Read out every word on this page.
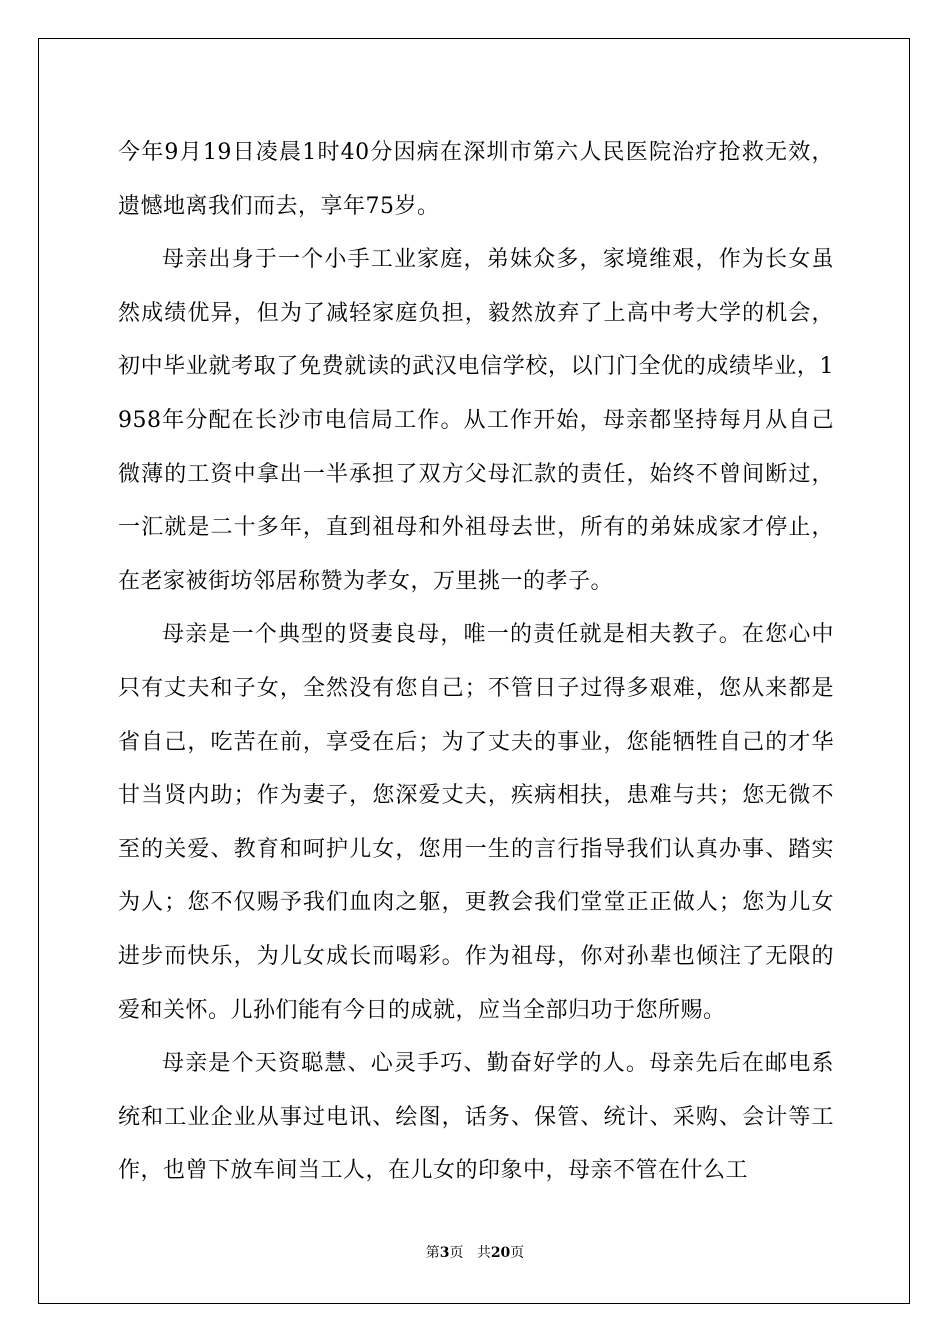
今年9月19日凌晨1时40分因病在深圳市第六人民医院治疗抢救无效，遗憾地离我们而去，享年75岁。

母亲出身于一个小手工业家庭，弟妹众多，家境维艰，作为长女虽然成绩优异，但为了减轻家庭负担，毅然放弃了上高中考大学的机会，初中毕业就考取了免费就读的武汉电信学校，以门门全优的成绩毕业，1958年分配在长沙市电信局工作。从工作开始，母亲都坚持每月从自己微薄的工资中拿出一半承担了双方父母汇款的责任，始终不曾间断过，一汇就是二十多年，直到祖母和外祖母去世，所有的弟妹成家才停止，在老家被街坊邻居称赞为孝女，万里挑一的孝子。

母亲是一个典型的贤妻良母，唯一的责任就是相夫教子。在您心中只有丈夫和子女，全然没有您自己；不管日子过得多艰难，您从来都是省自己，吃苦在前，享受在后；为了丈夫的事业，您能牺牲自己的才华甘当贤内助；作为妻子，您深爱丈夫，疾病相扶，患难与共；您无微不至的关爱、教育和呵护儿女，您用一生的言行指导我们认真办事、踏实为人；您不仅赐予我们血肉之躯，更教会我们堂堂正正做人；您为儿女进步而快乐，为儿女成长而喝彩。作为祖母，你对孙辈也倾注了无限的爱和关怀。儿孙们能有今日的成就，应当全部归功于您所赐。

母亲是个天资聪慧、心灵手巧、勤奋好学的人。母亲先后在邮电系统和工业企业从事过电讯、绘图，话务、保管、统计、采购、会计等工作，也曾下放车间当工人，在儿女的印象中，母亲不管在什么工

第3页 共20页
